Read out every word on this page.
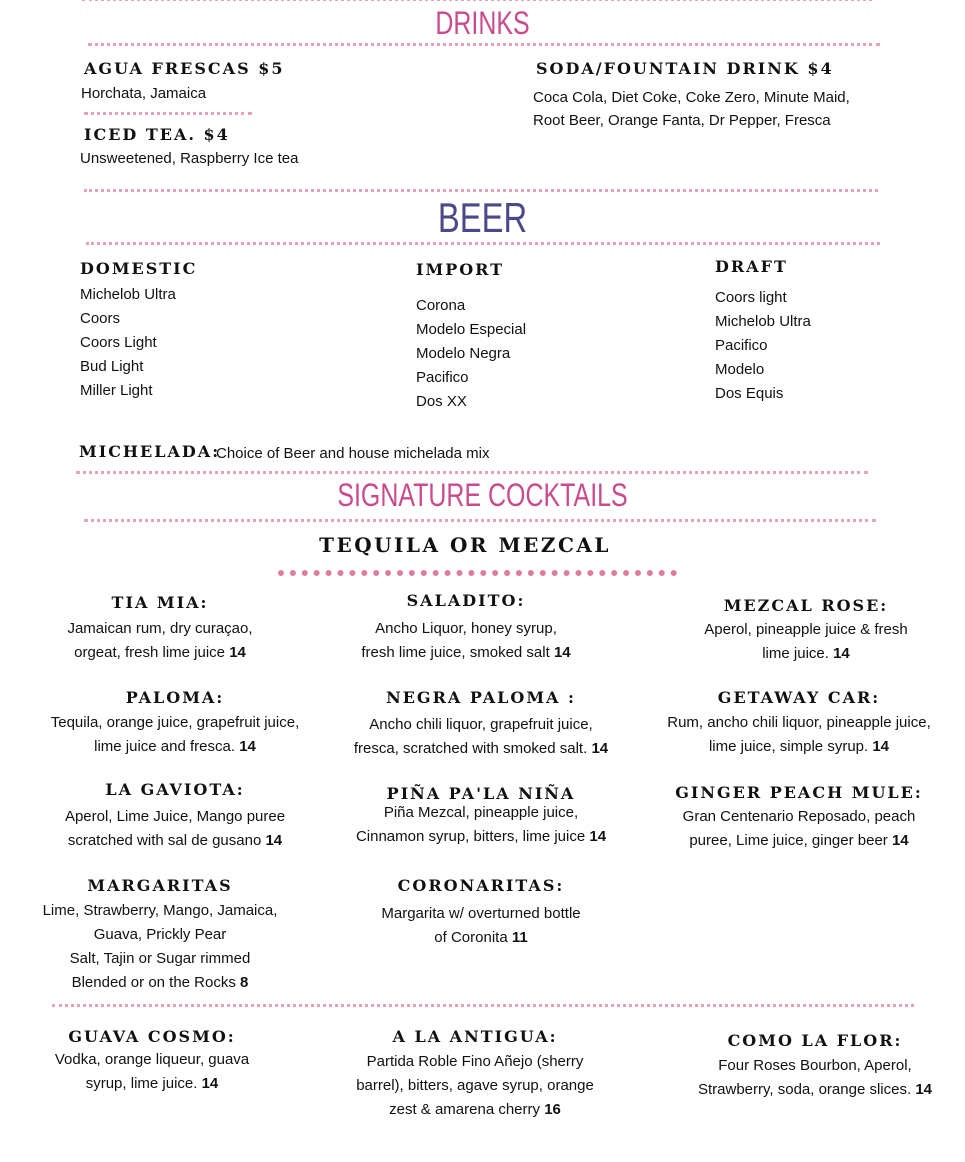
DRINKS
AGUA FRESCAS $5
Horchata, Jamaica
ICED TEA. $4
Unsweetened, Raspberry Ice tea
SODA/FOUNTAIN DRINK $4
Coca Cola, Diet Coke, Coke Zero, Minute Maid,
Root Beer, Orange Fanta, Dr Pepper, Fresca
BEER
DOMESTIC
Michelob Ultra
Coors
Coors Light
Bud Light
Miller Light
IMPORT
Corona
Modelo Especial
Modelo Negra
Pacifico
Dos XX
DRAFT
Coors light
Michelob Ultra
Pacifico
Modelo
Dos Equis
MICHELADA:
Choice of Beer and house michelada mix
SIGNATURE COCKTAILS
TEQUILA OR MEZCAL
TIA MIA:
Jamaican rum, dry curaçao,
orgeat, fresh lime juice 14
SALADITO:
Ancho Liquor, honey syrup,
fresh lime juice, smoked salt 14
MEZCAL ROSE:
Aperol, pineapple juice & fresh
lime juice. 14
PALOMA:
Tequila, orange juice, grapefruit juice,
lime juice and fresca. 14
NEGRA PALOMA :
Ancho chili liquor, grapefruit juice,
fresca, scratched with smoked salt. 14
GETAWAY CAR:
Rum, ancho chili liquor, pineapple juice,
lime juice, simple syrup. 14
LA GAVIOTA:
Aperol, Lime Juice, Mango puree
scratched with sal de gusano 14
PIÑA PA'LA NIÑA
Piña Mezcal, pineapple juice,
Cinnamon syrup, bitters, lime juice 14
GINGER PEACH MULE:
Gran Centenario Reposado, peach
puree, Lime juice, ginger beer 14
MARGARITAS
Lime, Strawberry, Mango, Jamaica,
Guava, Prickly Pear
Salt, Tajin or Sugar rimmed
Blended or on the Rocks 8
CORONARITAS:
Margarita w/ overturned bottle
of Coronita 11
GUAVA COSMO:
Vodka, orange liqueur, guava
syrup, lime juice. 14
A LA ANTIGUA:
Partida Roble Fino Añejo (sherry
barrel), bitters, agave syrup, orange
zest & amarena cherry 16
COMO LA FLOR:
Four Roses Bourbon, Aperol,
Strawberry, soda, orange slices. 14
